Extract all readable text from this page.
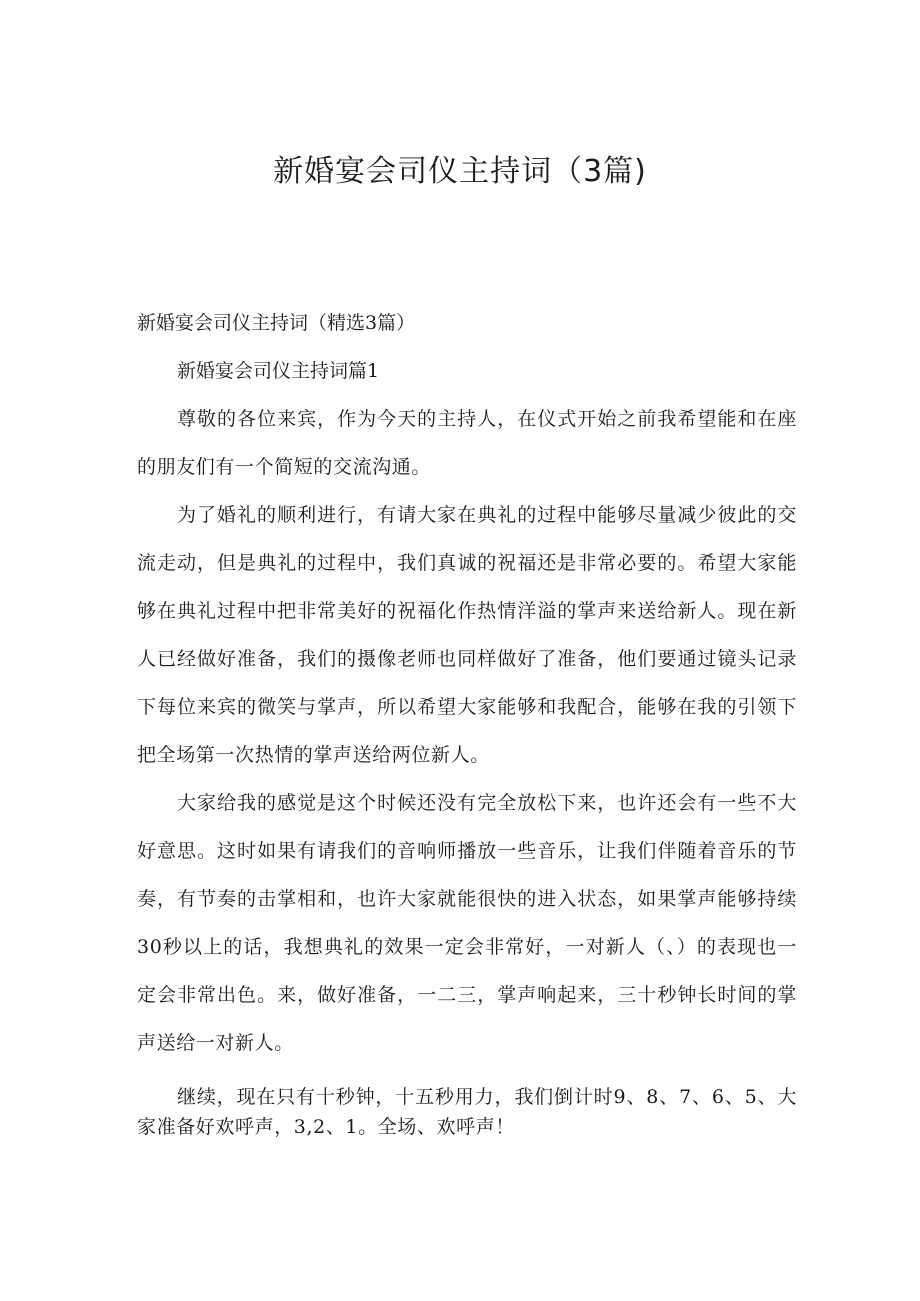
新婚宴会司仪主持词（3篇)

新婚宴会司仪主持词（精选3篇）

新婚宴会司仪主持词篇1

尊敬的各位来宾，作为今天的主持人，在仪式开始之前我希望能和在座的朋友们有一个简短的交流沟通。

为了婚礼的顺利进行，有请大家在典礼的过程中能够尽量减少彼此的交流走动，但是典礼的过程中，我们真诚的祝福还是非常必要的。希望大家能够在典礼过程中把非常美好的祝福化作热情洋溢的掌声来送给新人。现在新人已经做好准备，我们的摄像老师也同样做好了准备，他们要通过镜头记录下每位来宾的微笑与掌声，所以希望大家能够和我配合，能够在我的引领下把全场第一次热情的掌声送给两位新人。

大家给我的感觉是这个时候还没有完全放松下来，也许还会有一些不大好意思。这时如果有请我们的音响师播放一些音乐，让我们伴随着音乐的节奏，有节奏的击掌相和，也许大家就能很快的进入状态，如果掌声能够持续30秒以上的话，我想典礼的效果一定会非常好，一对新人（、）的表现也一定会非常出色。来，做好准备，一二三，掌声响起来，三十秒钟长时间的掌声送给一对新人。

继续，现在只有十秒钟，十五秒用力，我们倒计时9、8、7、6、5、大家准备好欢呼声，3,2、1。全场、欢呼声！
